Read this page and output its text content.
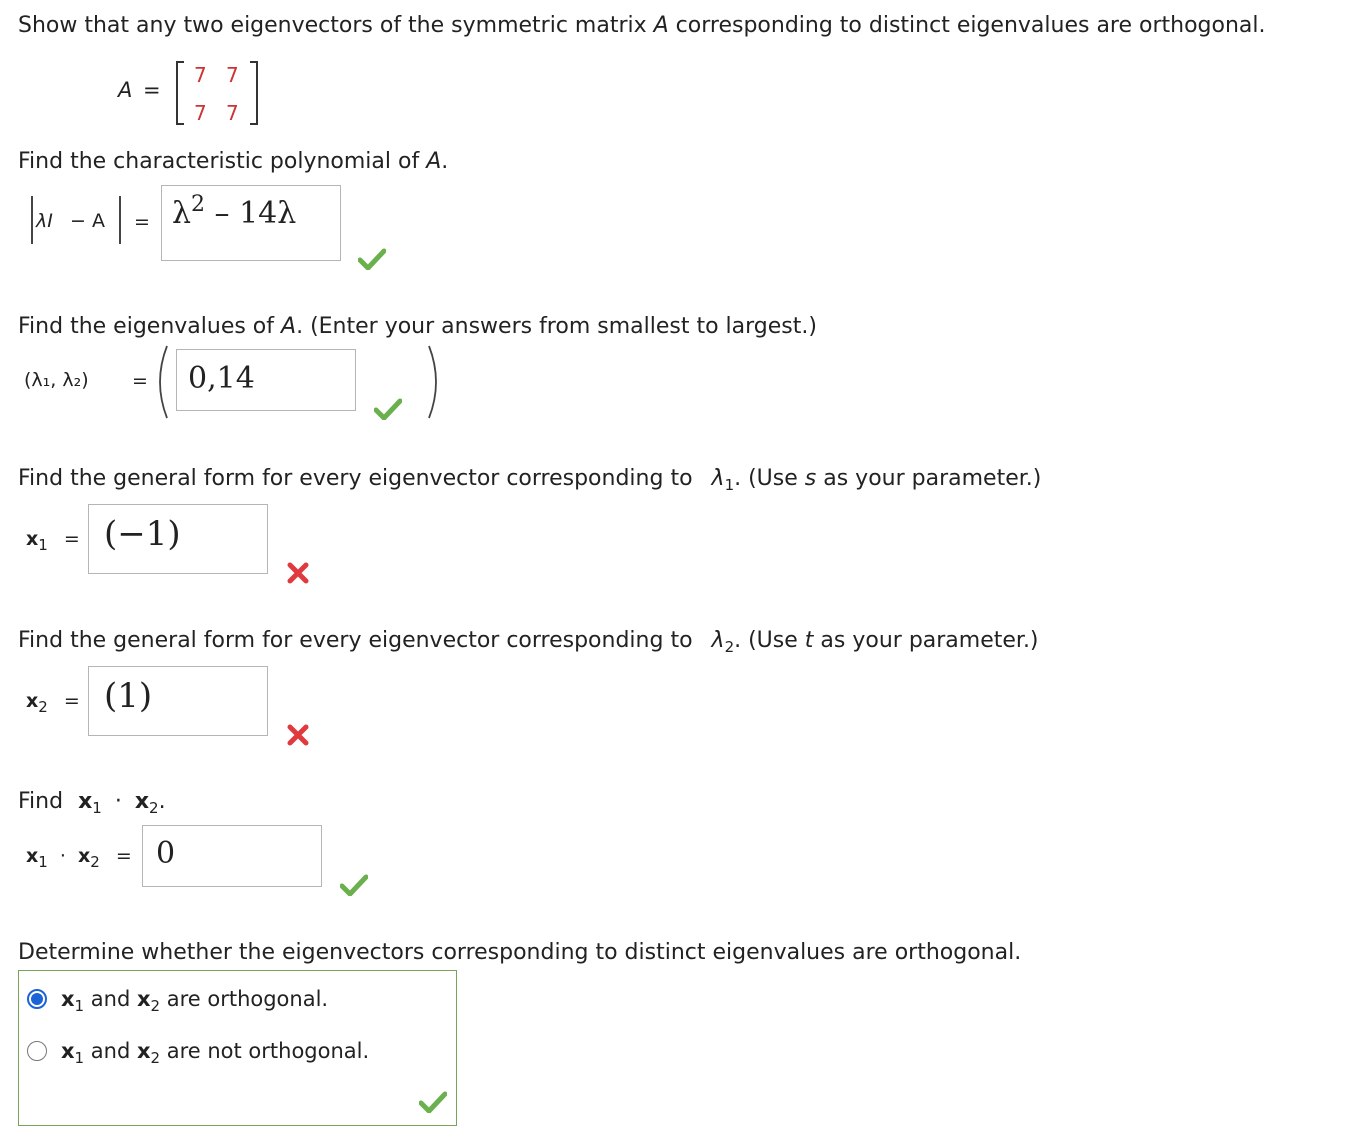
Show that any two eigenvectors of the symmetric matrix A corresponding to distinct eigenvalues are orthogonal.
A =
7 7
7 7
Find the characteristic polynomial of A.
$\lambda I - A = \lambda^2 - 14\lambda$
Find the eigenvalues of A. (Enter your answers from smallest to largest.)
(λ₁, λ₂) = 0,14
Find the general form for every eigenvector corresponding to $\lambda_1$. (Use s as your parameter.)
$x_1 = (-1)$
Find the general form for every eigenvector corresponding to $\lambda_2$. (Use t as your parameter.)
$x_2 = (1)$
Find $x_1 \cdot x_2$.
$x_1 \cdot x_2 = 0$
Determine whether the eigenvectors corresponding to distinct eigenvalues are orthogonal.
$x_1$ and $x_2$ are orthogonal.
$x_1$ and $x_2$ are not orthogonal.
